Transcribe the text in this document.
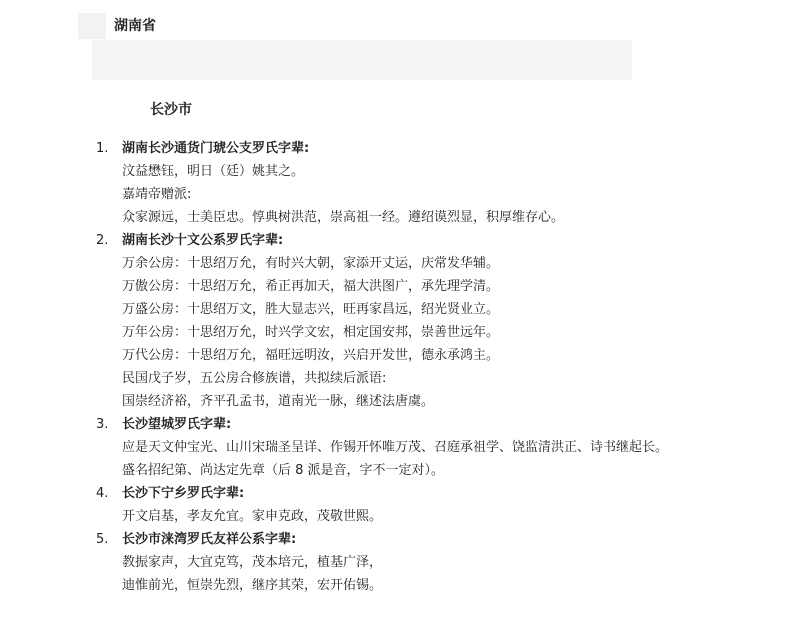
湖南省
长沙市
1.	湖南长沙通货门琥公支罗氏字辈:
汶益懋钰，明日（廷）姚其之。
嘉靖帝赠派:
众家源远，士美臣忠。惇典树洪范，崇高祖一经。遵绍谟烈显，积厚维存心。
2.	湖南长沙十文公系罗氏字辈:
万余公房：十思绍万允，有时兴大朝，家添开丈运，庆常发华辅。
万傲公房：十思绍万允，希正再加天，福大洪图广，承先理学清。
万盛公房：十思绍万文，胜大显志兴，旺再家昌远，绍光贤业立。
万年公房：十思绍万允，时兴学文宏，相定国安邦，崇善世远年。
万代公房：十思绍万允，福旺远明汝，兴启开发世，德永承鸿主。
民国戊子岁，五公房合修族谱，共拟续后派语:
国崇经济裕，齐平孔孟书，道南光一脉，继述法唐虞。
3.	长沙望城罗氏字辈:
应是天文仲宝光、山川宋瑞圣呈详、作锡开怀唯万茂、召庭承祖学、饶监清洪正、诗书继起长。
盛名招纪第、尚达定先章（后 8 派是音，字不一定对）。
4.	长沙下宁乡罗氏字辈:
开文启基，孝友允宜。家申克政，茂敬世熙。
5.	长沙市涞湾罗氏友祥公系字辈:
教振家声，大宜克笃，茂本培元，植基广泽，
迪惟前光，恒崇先烈，继序其荣，宏开佑锡。
